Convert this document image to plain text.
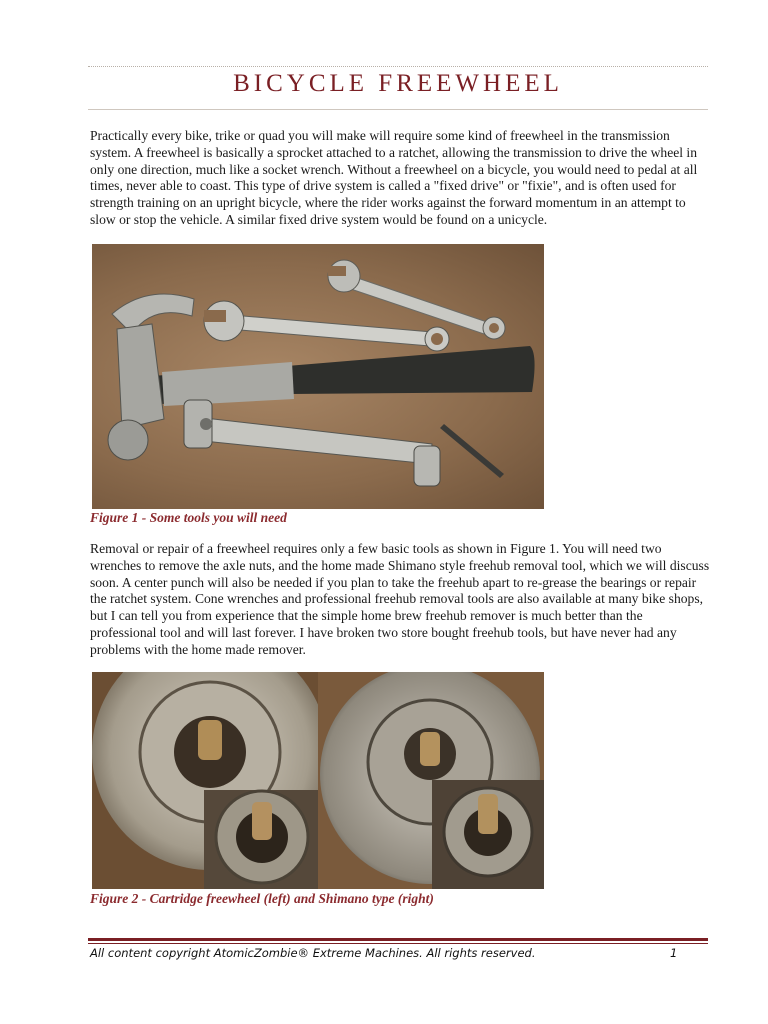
BICYCLE FREEWHEEL

Practically every bike, trike or quad you will make will require some kind of freewheel in the transmission system. A freewheel is basically a sprocket attached to a ratchet, allowing the transmission to drive the wheel in only one direction, much like a socket wrench. Without a freewheel on a bicycle, you would need to pedal at all times, never able to coast. This type of drive system is called a "fixed drive" or "fixie", and is often used for strength training on an upright bicycle, where the rider works against the forward momentum in an attempt to slow or stop the vehicle. A similar fixed drive system would be found on a unicycle.

Figure 1 - Some tools you will need

Removal or repair of a freewheel requires only a few basic tools as shown in Figure 1. You will need two wrenches to remove the axle nuts, and the home made Shimano style freehub removal tool, which we will discuss soon. A center punch will also be needed if you plan to take the freehub apart to re-grease the bearings or repair the ratchet system. Cone wrenches and professional freehub removal tools are also available at many bike shops, but I can tell you from experience that the simple home brew freehub remover is much better than the professional tool and will last forever. I have broken two store bought freehub tools, but have never had any problems with the home made remover.

Figure 2 - Cartridge freewheel (left) and Shimano type (right)
All content copyright AtomicZombie® Extreme Machines. All rights reserved.	1
